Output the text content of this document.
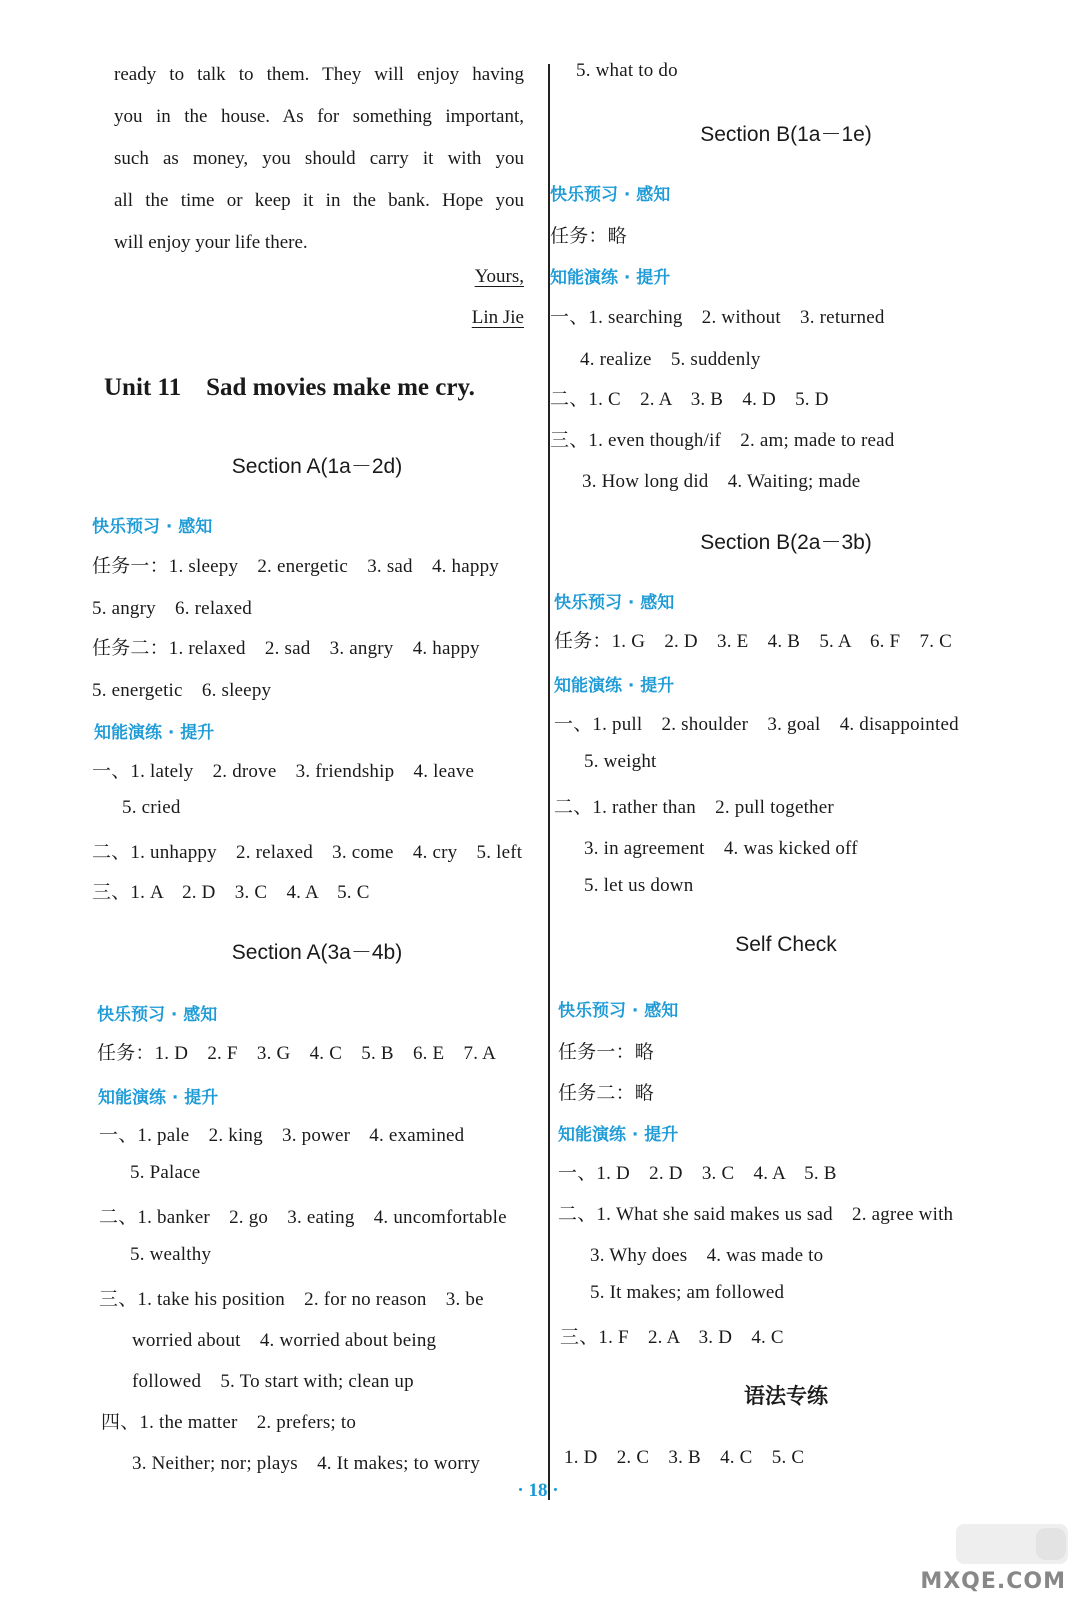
ready to talk to them. They will enjoy having
you in the house. As for something important,
such as money, you should carry it with you
all the time or keep it in the bank. Hope you
will enjoy your life there.
Yours,
Lin Jie
Unit 11　Sad movies make me cry.
Section A(1a－2d)
快乐预习 · 感知
任务一：1. sleepy　2. energetic　3. sad　4. happy
5. angry　6. relaxed
任务二：1. relaxed　2. sad　3. angry　4. happy
5. energetic　6. sleepy
知能演练 · 提升
一、1. lately　2. drove　3. friendship　4. leave
5. cried
二、1. unhappy　2. relaxed　3. come　4. cry　5. left
三、1. A　2. D　3. C　4. A　5. C
Section A(3a－4b)
快乐预习 · 感知
任务：1. D　2. F　3. G　4. C　5. B　6. E　7. A
知能演练 · 提升
一、1. pale　2. king　3. power　4. examined
5. Palace
二、1. banker　2. go　3. eating　4. uncomfortable
5. wealthy
三、1. take his position　2. for no reason　3. be
worried about　4. worried about being
followed　5. To start with; clean up
四、1. the matter　2. prefers; to
3. Neither; nor; plays　4. It makes; to worry
5. what to do
Section B(1a－1e)
快乐预习 · 感知
任务：略
知能演练 · 提升
一、1. searching　2. without　3. returned
4. realize　5. suddenly
二、1. C　2. A　3. B　4. D　5. D
三、1. even though/if　2. am; made to read
3. How long did　4. Waiting; made
Section B(2a－3b)
快乐预习 · 感知
任务：1. G　2. D　3. E　4. B　5. A　6. F　7. C
知能演练 · 提升
一、1. pull　2. shoulder　3. goal　4. disappointed
5. weight
二、1. rather than　2. pull together
3. in agreement　4. was kicked off
5. let us down
Self Check
快乐预习 · 感知
任务一：略
任务二：略
知能演练 · 提升
一、1. D　2. D　3. C　4. A　5. B
二、1. What she said makes us sad　2. agree with
3. Why does　4. was made to
5. It makes; am followed
三、1. F　2. A　3. D　4. C
语法专练
1. D　2. C　3. B　4. C　5. C
· 18 ·
MXQE.COM
